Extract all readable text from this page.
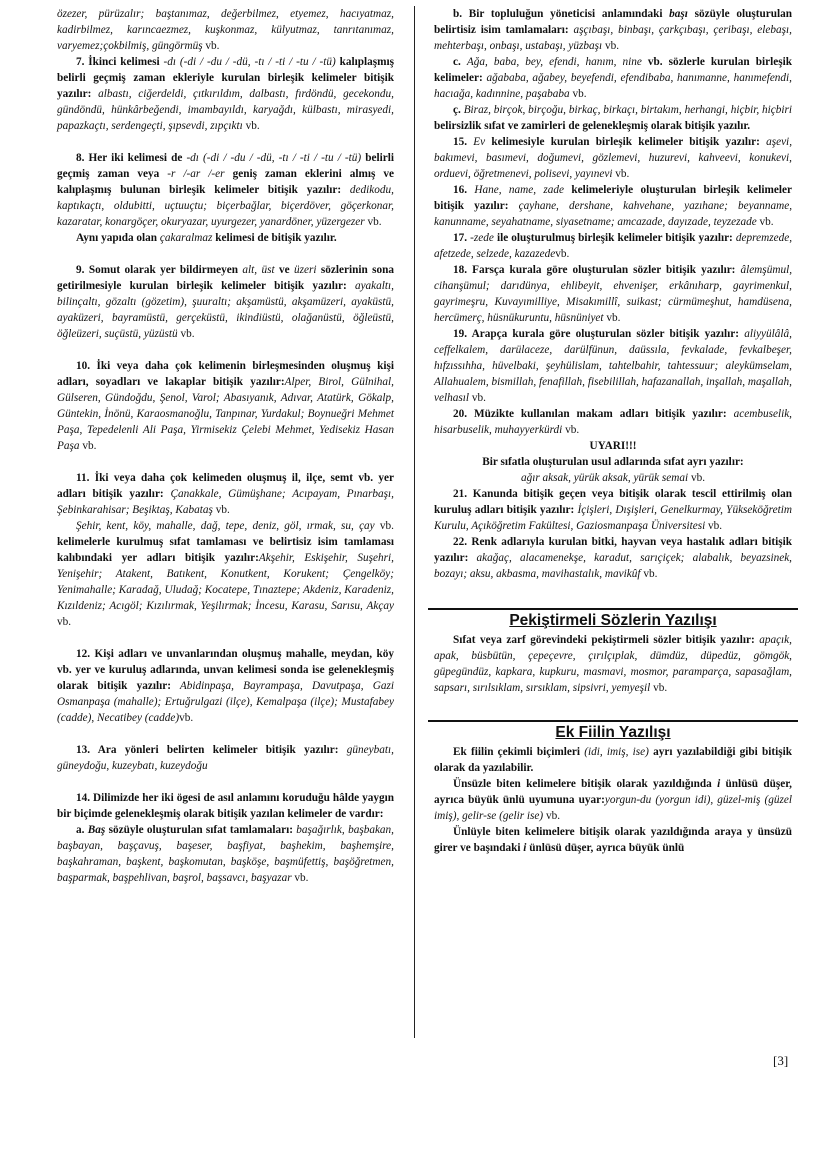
özezer, pürüzalır; baştanımaz, değerbilmez, etyemez, hacıyatmaz, kadirbilmez, karıncaezmez, kuşkonmaz, külyutmaz, tanrıtanımaz, varyemez;çokbilmiş, güngörmüş vb.

7. İkinci kelimesi -dı (-di / -du / -dü, -tı / -ti / -tu / -tü) kalıplaşmış belirli geçmiş zaman ekleriyle kurulan birleşik kelimeler bitişik yazılır: albastı, ciğerdeldi, çıtkırıldım, dalbastı, fırdöndü, gecekondu, gündöndü, hünkârbeğendi, imambayıldı, karyağdı, külbastı, mirasyedi, papazkaçtı, serdengeçti, şıpsevdi, zıpçıktı vb.

8. Her iki kelimesi de -dı (-di / -du / -dü, -tı / -ti / -tu / -tü) belirli geçmiş zaman veya -r /-ar /-er geniş zaman eklerini almış ve kalıplaşmış bulunan birleşik kelimeler bitişik yazılır: dedikodu, kaptıkaçtı, oldubitti, uçtuuçtu; biçerbağlar, biçerdöver, göçerkonar, kazaratar, konargöçer, okuryazar, uyurgezer, yanardöner, yüzergezer vb.

Aynı yapıda olan çakaralmaz kelimesi de bitişik yazılır.

9. Somut olarak yer bildirmeyen alt, üst ve üzeri sözlerinin sona getirilmesiyle kurulan birleşik kelimeler bitişik yazılır: ayakaltı, bilinçaltı, gözaltı (gözetim), şuuraltı; akşamüstü, akşamüzeri, ayaküstü, ayaküzeri, bayramüstü, gerçeküstü, ikindiüstü, olağanüstü, öğleüstü, öğleüzeri, suçüstü, yüzüstü vb.

10. İki veya daha çok kelimenin birleşmesinden oluşmuş kişi adları, soyadları ve lakaplar bitişik yazılır:Alper, Birol, Gülnihal, Gülseren, Gündoğdu, Şenol, Varol; Abasıyanık, Adıvar, Atatürk, Gökalp, Güntekin, İnönü, Karaosmanoğlu, Tanpınar, Yurdakul; Boynueğri Mehmet Paşa, Tepedelenli Ali Paşa, Yirmisekiz Çelebi Mehmet, Yedisekiz Hasan Paşa vb.

11. İki veya daha çok kelimeden oluşmuş il, ilçe, semt vb. yer adları bitişik yazılır: Çanakkale, Gümüşhane; Acıpayam, Pınarbaşı, Şebinkarahisar; Beşiktaş, Kabataş vb.

Şehir, kent, köy, mahalle, dağ, tepe, deniz, göl, ırmak, su, çay vb. kelimelerle kurulmuş sıfat tamlaması ve belirtisiz isim tamlaması kalıbındaki yer adları bitişik yazılır:Akşehir, Eskişehir, Suşehri, Yenişehir; Atakent, Batıkent, Konutkent, Korukent; Çengelköy; Yenimahalle; Karadağ, Uludağ; Kocatepe, Tınaztepe; Akdeniz, Karadeniz, Kızıldeniz; Acıgöl; Kızılırmak, Yeşilırmak; İncesu, Karasu, Sarısu, Akçay vb.

12. Kişi adları ve unvanlarından oluşmuş mahalle, meydan, köy vb. yer ve kuruluş adlarında, unvan kelimesi sonda ise gelenekleşmiş olarak bitişik yazılır: Abidinpaşa, Bayrampaşa, Davutpaşa, Gazi Osmanpaşa (mahalle); Ertuğrulgazi (ilçe), Kemalpaşa (ilçe); Mustafabey (cadde), Necatibey (cadde)vb.

13. Ara yönleri belirten kelimeler bitişik yazılır: güneybatı, güneydoğu, kuzeybatı, kuzeydoğu

14. Dilimizde her iki ögesi de asıl anlamını koruduğu hâlde yaygın bir biçimde gelenekleşmiş olarak bitişik yazılan kelimeler de vardır:

a. Baş sözüyle oluşturulan sıfat tamlamaları: başağırlık, başbakan, başbayan, başçavuş, başeser, başfiyat, başhekim, başhemşire, başkahraman, başkent, başkomutan, başköşe, başmüfettiş, başöğretmen, başparmak, başpehlivan, başrol, başsavcı, başyazar vb.

b. Bir topluluğun yöneticisi anlamındaki başı sözüyle oluşturulan belirtisiz isim tamlamaları: aşçıbaşı, binbaşı, çarkçıbaşı, çeribaşı, elebaşı, mehterbaşı, onbaşı, ustabaşı, yüzbaşı vb.

c. Ağa, baba, bey, efendi, hanım, nine vb. sözlerle kurulan birleşik kelimeler: ağababa, ağabey, beyefendi, efendibaba, hanımanne, hanımefendi, hacıağa, kadınnine, paşababa vb.

ç. Biraz, birçok, birçoğu, birkaç, birkaçı, birtakım, herhangi, hiçbir, hiçbiri belirsizlik sıfat ve zamirleri de gelenekleşmiş olarak bitişik yazılır.

15. Ev kelimesiyle kurulan birleşik kelimeler bitişik yazılır: aşevi, bakımevi, basımevi, doğumevi, gözlemevi, huzurevi, kahveevi, konukevi, orduevi, öğretmenevi, polisevi, yayınevi vb.

16. Hane, name, zade kelimeleriyle oluşturulan birleşik kelimeler bitişik yazılır: çayhane, dershane, kahvehane, yazıhane; beyanname, kanunname, seyahatname, siyasetname; amcazade, dayızade, teyzezade vb.

17. -zede ile oluşturulmuş birleşik kelimeler bitişik yazılır: depremzede, afetzede, selzede, kazazedevb.

18. Farsça kurala göre oluşturulan sözler bitişik yazılır: âlemşümul, cihanşümul; darıdünya, ehlibeyit, ehvenişer, erkânıharp, gayrimenkul, gayrimeşru, Kuvayımilliye, Misakımillî, suikast; cürmümeşhut, hamdüsena, hercümerç, hüsnükuruntu, hüsnüniyet vb.

19. Arapça kurala göre oluşturulan sözler bitişik yazılır: aliyyülâlâ, ceffelkalem, darülaceze, darülfünun, daüssıla, fevkalade, fevkalbeşer, hıfzıssıhha, hüvelbaki, şeyhülislam, tahtelbahir, tahtessuur; aleykümselam, Allahualem, bismillah, fenafillah, fisebilillah, hafazanallah, inşallah, maşallah, velhasıl vb.

20. Müzikte kullanılan makam adları bitişik yazılır: acembuselik, hisarbuselik, muhayyerkürdi vb.

UYARI!!!

Bir sıfatla oluşturulan usul adlarında sıfat ayrı yazılır:

ağır aksak, yürük aksak, yürük semai vb.

21. Kanunda bitişik geçen veya bitişik olarak tescil ettirilmiş olan kuruluş adları bitişik yazılır: İçişleri, Dışişleri, Genelkurmay, Yükseköğretim Kurulu, Açıköğretim Fakültesi, Gaziosmanpaşa Üniversitesi vb.

22. Renk adlarıyla kurulan bitki, hayvan veya hastalık adları bitişik yazılır: akağaç, alacamenekşe, karadut, sarıçiçek; alabalık, beyazsinek, bozayı; aksu, akbasma, mavihastalık, mavikûf vb.

Pekiştirmeli Sözlerin Yazılışı

Sıfat veya zarf görevindeki pekiştirmeli sözler bitişik yazılır: apaçık, apak, büsbütün, çepeçevre, çırılçıplak, dümdüz, düpedüz, gömgök, güpegündüz, kapkara, kupkuru, masmavi, mosmor, paramparça, sapasağlam, sapsarı, sırılsıklam, sırsıklam, sipsivri, yemyeşil vb.

Ek Fiilin Yazılışı

Ek fiilin çekimli biçimleri (idi, imiş, ise) ayrı yazılabildiği gibi bitişik olarak da yazılabilir.

Ünsüzle biten kelimelere bitişik olarak yazıldığında i ünlüsü düşer, ayrıca büyük ünlü uyumuna uyar:yorgun-du (yorgun idi), güzel-miş (güzel imiş), gelir-se (gelir ise) vb.

Ünlüyle biten kelimelere bitişik olarak yazıldığında araya y ünsüzü girer ve başındaki i ünlüsü düşer, ayrıca büyük ünlü

[3]
